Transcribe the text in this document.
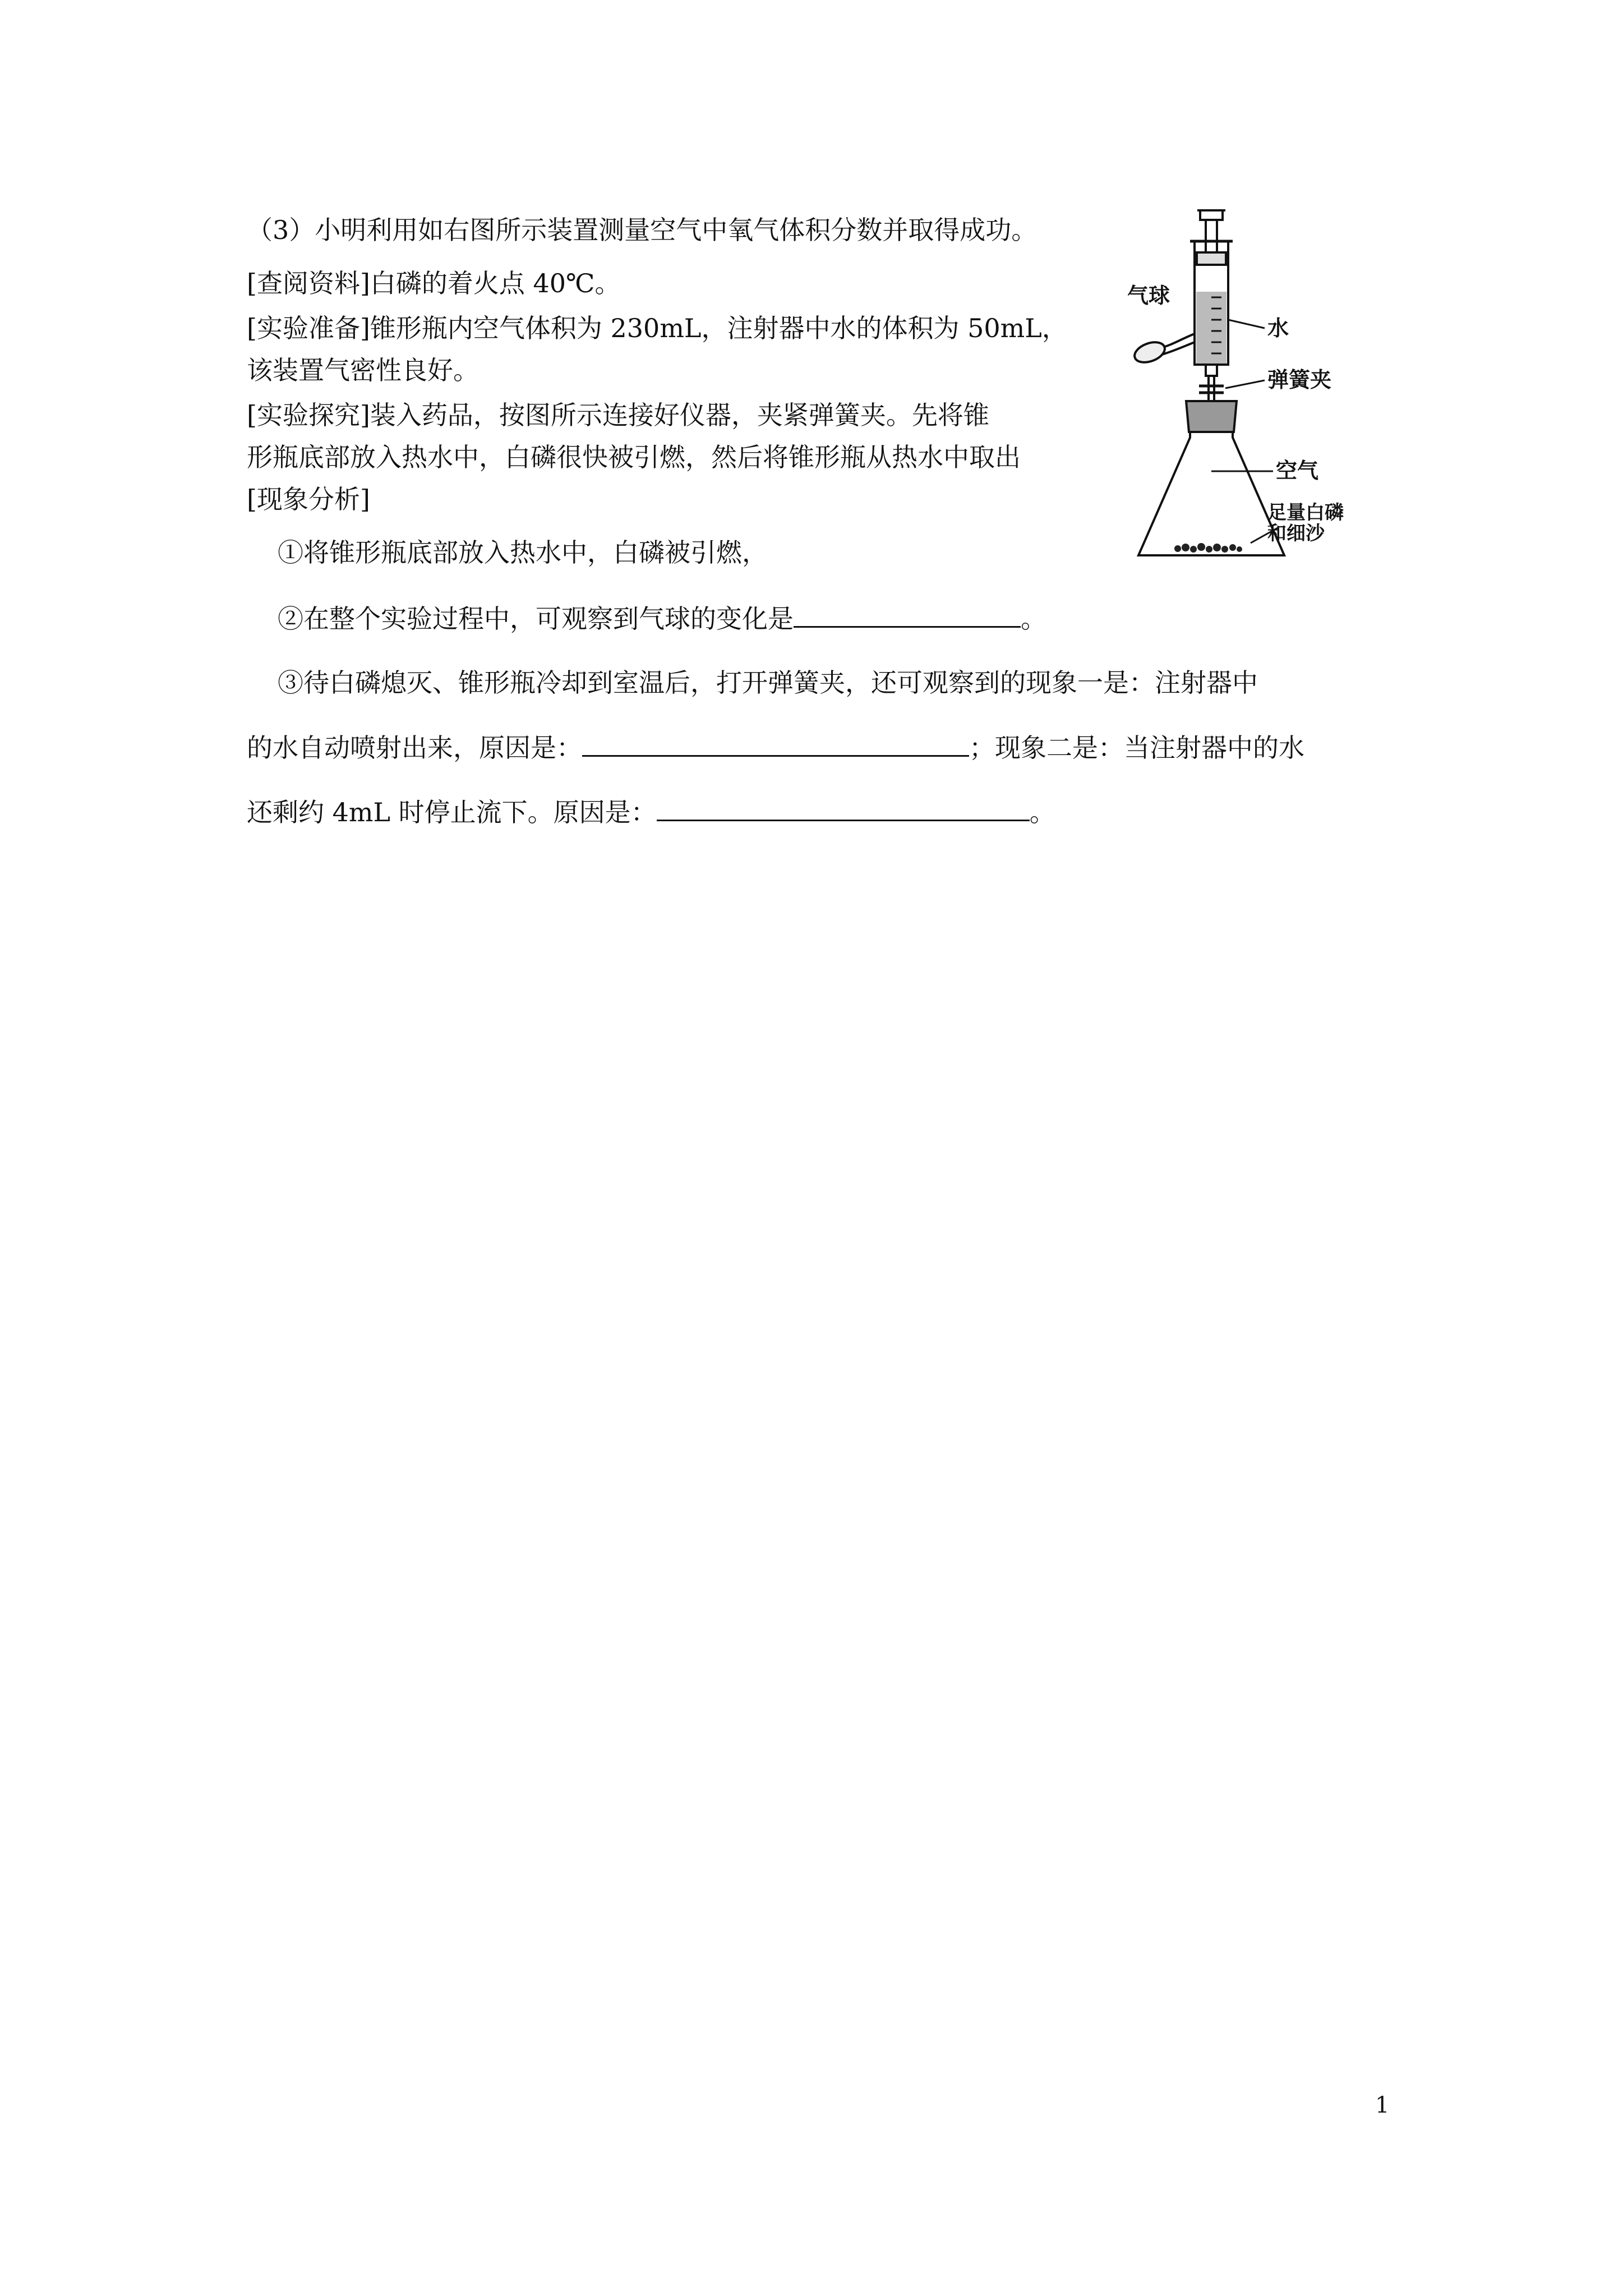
（3）小明利用如右图所示装置测量空气中氧气体积分数并取得成功。
[查阅资料]白磷的着火点 40℃。
[实验准备]锥形瓶内空气体积为 230mL，注射器中水的体积为 50mL，
该装置气密性良好。
[实验探究]装入药品，按图所示连接好仪器，夹紧弹簧夹。先将锥
形瓶底部放入热水中，白磷很快被引燃，然后将锥形瓶从热水中取出
[现象分析]
①将锥形瓶底部放入热水中，白磷被引燃，
②在整个实验过程中，可观察到气球的变化是	。
③待白磷熄灭、锥形瓶冷却到室温后，打开弹簧夹，还可观察到的现象一是：注射器中
的水自动喷射出来，原因是：	；现象二是：当注射器中的水
还剩约 4mL 时停止流下。原因是：	。
气球
水
弹簧夹
空气
足量白磷
和细沙
1
